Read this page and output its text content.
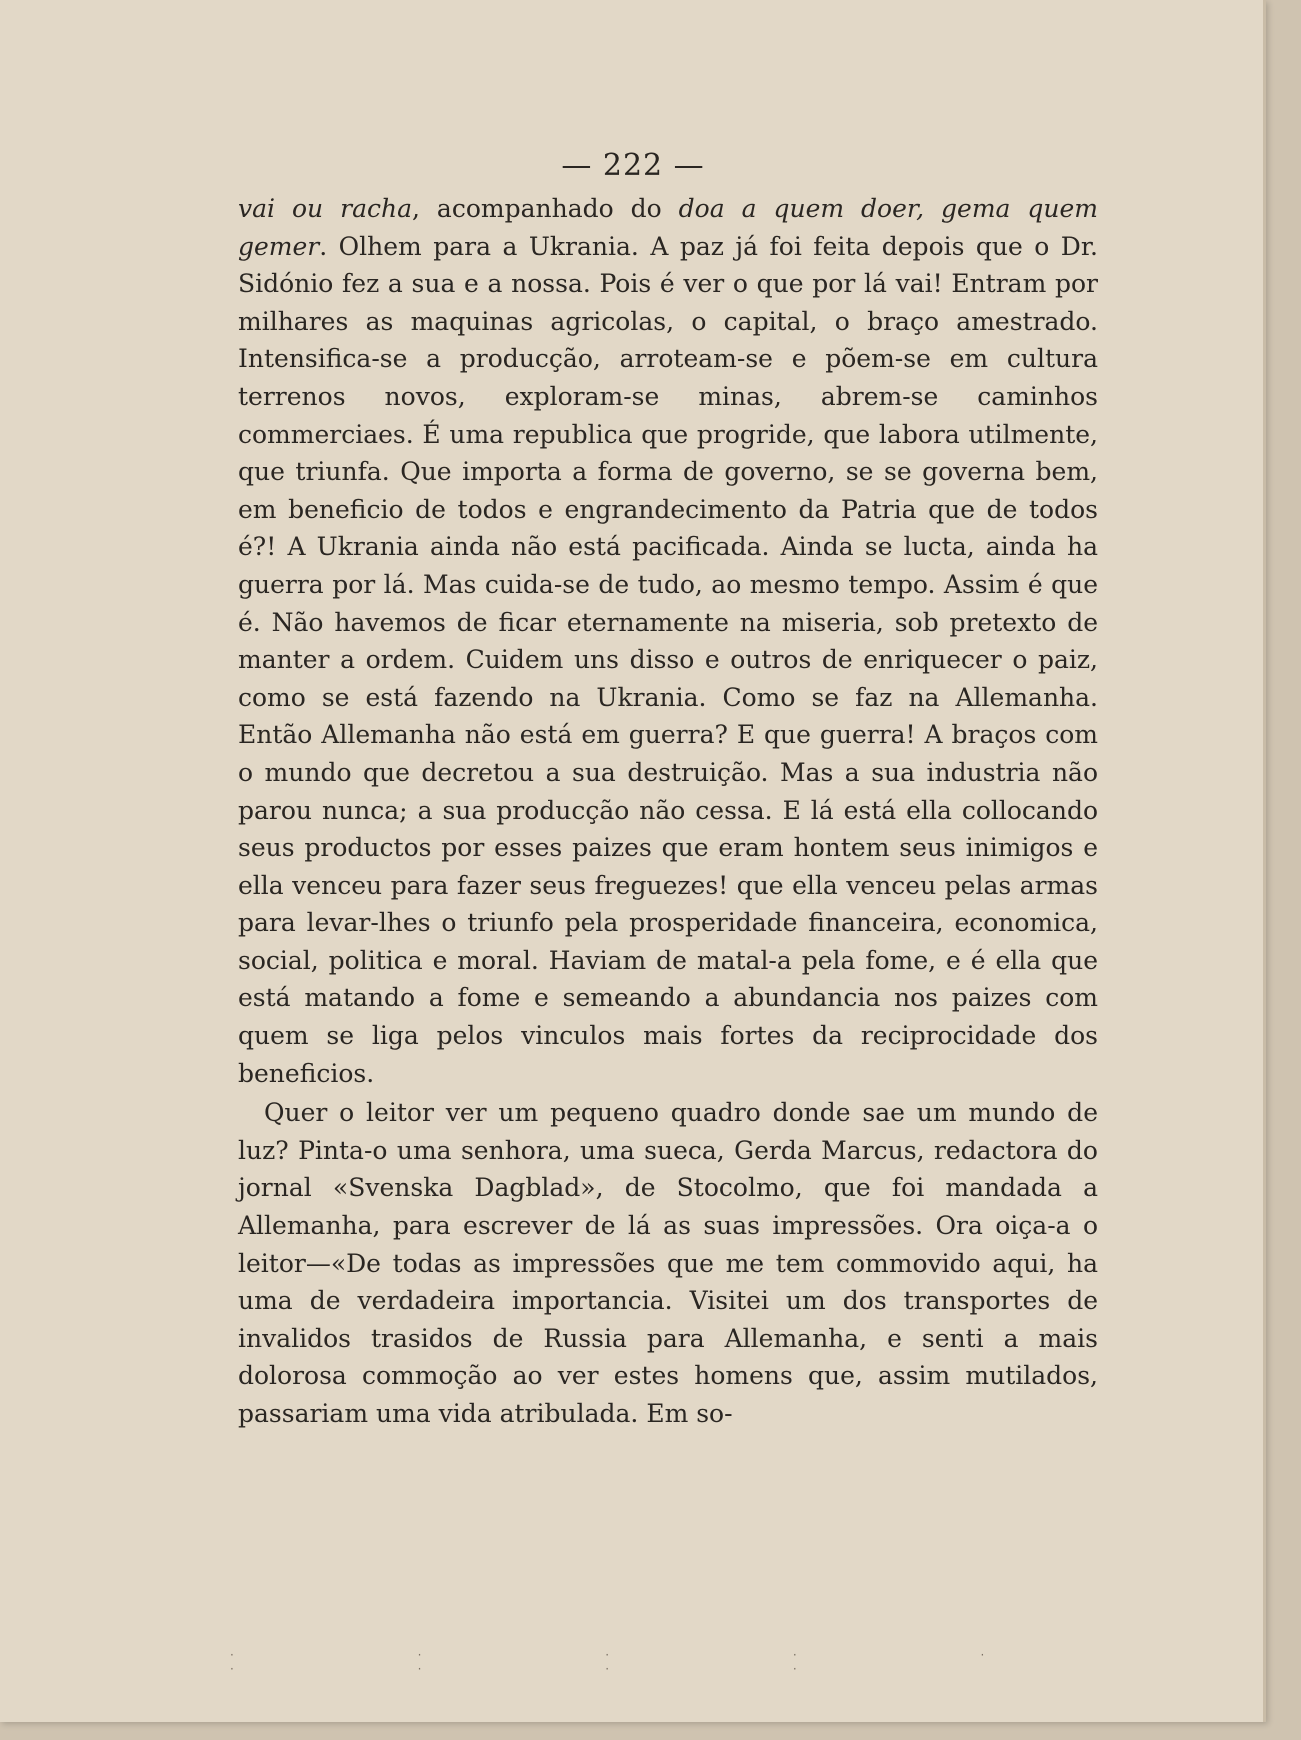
— 222 —

vai ou racha, acompanhado do doa a quem doer, gema quem gemer. Olhem para a Ukrania. A paz já foi feita depois que o Dr. Sidónio fez a sua e a nossa. Pois é ver o que por lá vai! Entram por milhares as maquinas agricolas, o capital, o braço amestrado. Intensifica-se a producção, arroteam-se e põem-se em cultura terrenos novos, exploram-se minas, abrem-se caminhos commerciaes. É uma republica que progride, que labora utilmente, que triunfa. Que importa a forma de governo, se se governa bem, em beneficio de todos e engrandecimento da Patria que de todos é?! A Ukrania ainda não está pacificada. Ainda se lucta, ainda ha guerra por lá. Mas cuida-se de tudo, ao mesmo tempo. Assim é que é. Não havemos de ficar eternamente na miseria, sob pretexto de manter a ordem. Cuidem uns disso e outros de enriquecer o paiz, como se está fazendo na Ukrania. Como se faz na Allemanha. Então Allemanha não está em guerra? E que guerra! A braços com o mundo que decretou a sua destruição. Mas a sua industria não parou nunca; a sua producção não cessa. E lá está ella collocando seus productos por esses paizes que eram hontem seus inimigos e ella venceu para fazer seus freguezes! que ella venceu pelas armas para levar-lhes o triunfo pela prosperidade financeira, economica, social, politica e moral. Haviam de matal-a pela fome, e é ella que está matando a fome e semeando a abundancia nos paizes com quem se liga pelos vinculos mais fortes da reciprocidade dos beneficios.

Quer o leitor ver um pequeno quadro donde sae um mundo de luz? Pinta-o uma senhora, uma sueca, Gerda Marcus, redactora do jornal «Svenska Dagblad», de Stocolmo, que foi mandada a Allemanha, para escrever de lá as suas impressões. Ora oiça-a o leitor—«De todas as impressões que me tem commovido aqui, ha uma de verdadeira importancia. Visitei um dos transportes de invalidos trasidos de Russia para Allemanha, e senti a mais dolorosa commoção ao ver estes homens que, assim mutilados, passariam uma vida atribulada. Em so-

· · · · · · · · ·
